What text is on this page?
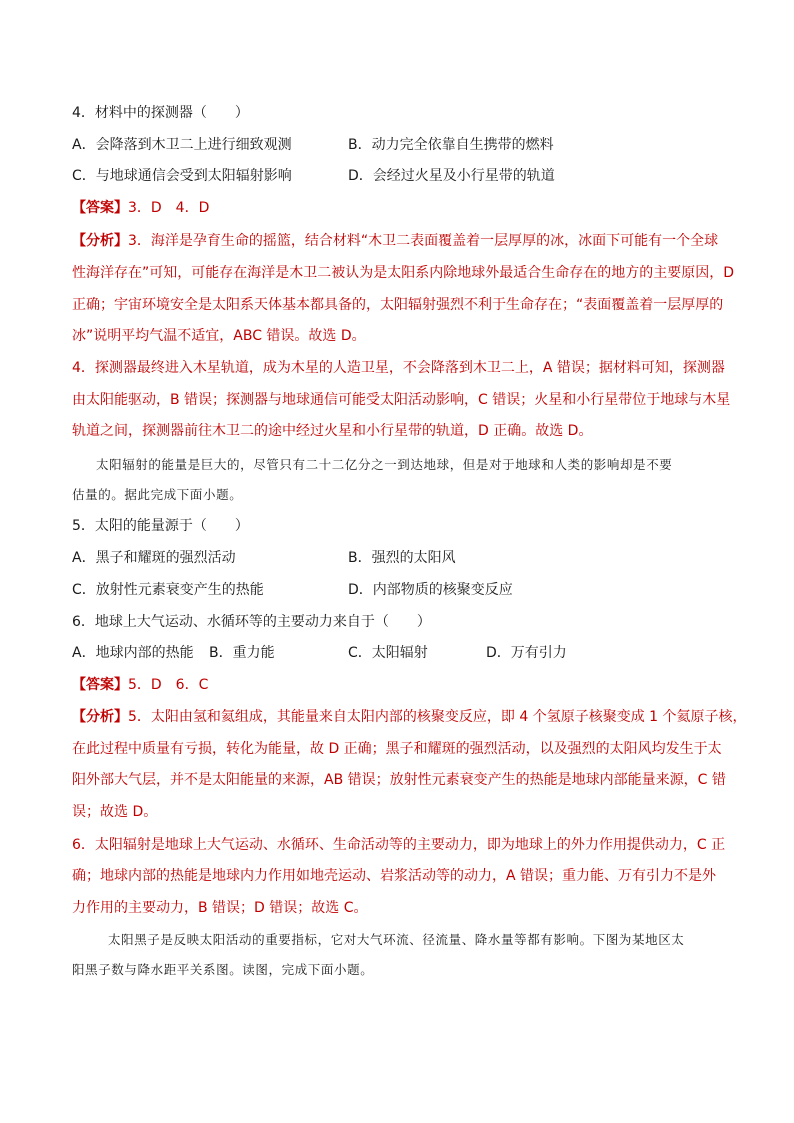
4．材料中的探测器（　　）
A．会降落到木卫二上进行细致观测	B．动力完全依靠自生携带的燃料
C．与地球通信会受到太阳辐射影响	D．会经过火星及小行星带的轨道
【答案】3．D　4．D
【分析】3．海洋是孕育生命的摇篮，结合材料“木卫二表面覆盖着一层厚厚的冰，冰面下可能有一个全球
性海洋存在”可知，可能存在海洋是木卫二被认为是太阳系内除地球外最适合生命存在的地方的主要原因，D
正确；宇宙环境安全是太阳系天体基本都具备的，太阳辐射强烈不利于生命存在；“表面覆盖着一层厚厚的
冰”说明平均气温不适宜，ABC 错误。故选 D。
4．探测器最终进入木星轨道，成为木星的人造卫星，不会降落到木卫二上，A 错误；据材料可知，探测器
由太阳能驱动，B 错误；探测器与地球通信可能受太阳活动影响，C 错误；火星和小行星带位于地球与木星
轨道之间，探测器前往木卫二的途中经过火星和小行星带的轨道，D 正确。故选 D。
太阳辐射的能量是巨大的，尽管只有二十二亿分之一到达地球，但是对于地球和人类的影响却是不要
估量的。据此完成下面小题。
5．太阳的能量源于（　　）
A．黑子和耀斑的强烈活动	B．强烈的太阳风
C．放射性元素衰变产生的热能	D．内部物质的核聚变反应
6．地球上大气运动、水循环等的主要动力来自于（　　）
A．地球内部的热能 B．重力能	C．太阳辐射	D．万有引力
【答案】5．D　6．C
【分析】5．太阳由氢和氦组成，其能量来自太阳内部的核聚变反应，即 4 个氢原子核聚变成 1 个氦原子核，
在此过程中质量有亏损，转化为能量，故 D 正确；黑子和耀斑的强烈活动，以及强烈的太阳风均发生于太
阳外部大气层，并不是太阳能量的来源，AB 错误；放射性元素衰变产生的热能是地球内部能量来源，C 错
误；故选 D。
6．太阳辐射是地球上大气运动、水循环、生命活动等的主要动力，即为地球上的外力作用提供动力，C 正
确；地球内部的热能是地球内力作用如地壳运动、岩浆活动等的动力，A 错误；重力能、万有引力不是外
力作用的主要动力，B 错误；D 错误；故选 C。
太阳黑子是反映太阳活动的重要指标，它对大气环流、径流量、降水量等都有影响。下图为某地区太
阳黑子数与降水距平关系图。读图，完成下面小题。
